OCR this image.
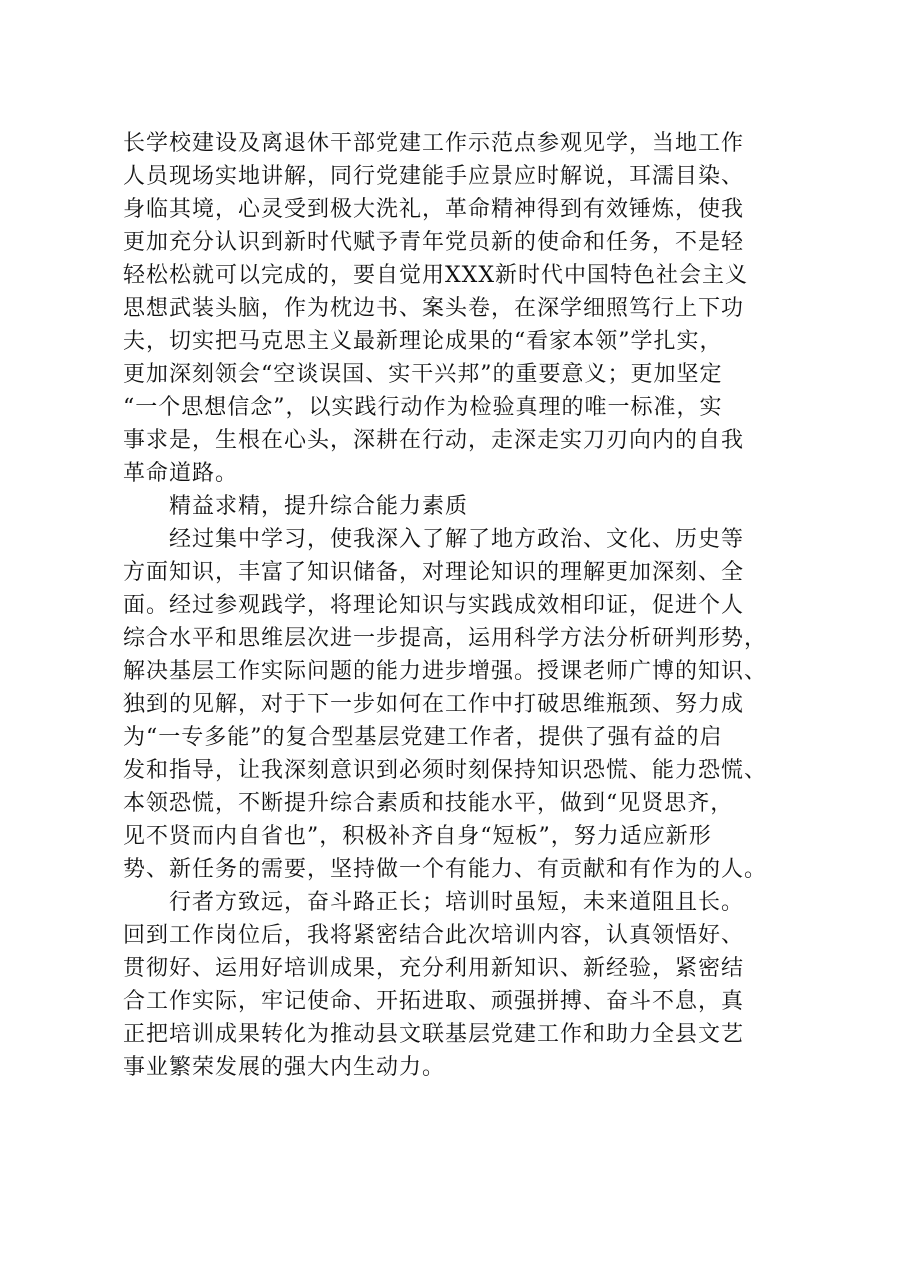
长学校建设及离退休干部党建工作示范点参观见学，当地工作
人员现场实地讲解，同行党建能手应景应时解说，耳濡目染、
身临其境，心灵受到极大洗礼，革命精神得到有效锤炼，使我
更加充分认识到新时代赋予青年党员新的使命和任务，不是轻
轻松松就可以完成的，要自觉用XXX新时代中国特色社会主义
思想武装头脑，作为枕边书、案头卷，在深学细照笃行上下功
夫，切实把马克思主义最新理论成果的“看家本领”学扎实，
更加深刻领会“空谈误国、实干兴邦”的重要意义；更加坚定
“一个思想信念”，以实践行动作为检验真理的唯一标准，实
事求是，生根在心头，深耕在行动，走深走实刀刃向内的自我
革命道路。
精益求精，提升综合能力素质
经过集中学习，使我深入了解了地方政治、文化、历史等
方面知识，丰富了知识储备，对理论知识的理解更加深刻、全
面。经过参观践学，将理论知识与实践成效相印证，促进个人
综合水平和思维层次进一步提高，运用科学方法分析研判形势，
解决基层工作实际问题的能力进步增强。授课老师广博的知识、
独到的见解，对于下一步如何在工作中打破思维瓶颈、努力成
为“一专多能”的复合型基层党建工作者，提供了强有益的启
发和指导，让我深刻意识到必须时刻保持知识恐慌、能力恐慌、
本领恐慌，不断提升综合素质和技能水平，做到“见贤思齐，
见不贤而内自省也”，积极补齐自身“短板”，努力适应新形
势、新任务的需要，坚持做一个有能力、有贡献和有作为的人。
行者方致远，奋斗路正长；培训时虽短，未来道阻且长。
回到工作岗位后，我将紧密结合此次培训内容，认真领悟好、
贯彻好、运用好培训成果，充分利用新知识、新经验，紧密结
合工作实际，牢记使命、开拓进取、顽强拼搏、奋斗不息，真
正把培训成果转化为推动县文联基层党建工作和助力全县文艺
事业繁荣发展的强大内生动力。
